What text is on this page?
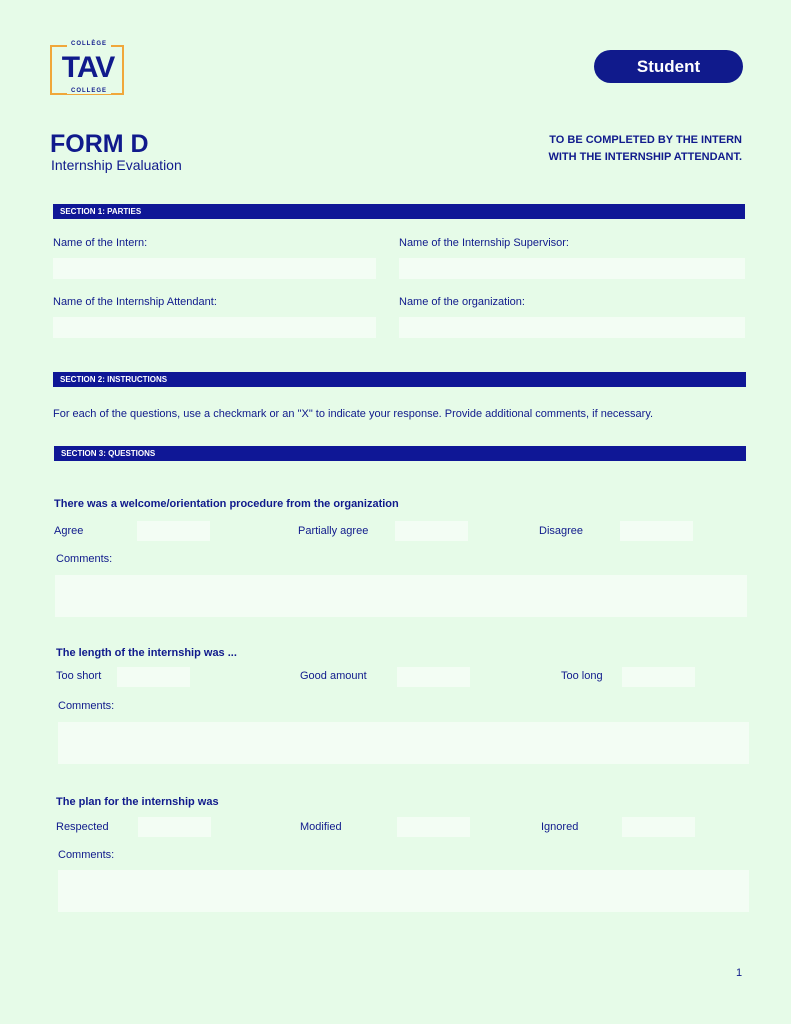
COLLÈGE
TAV
COLLEGE
Student
FORM D
Internship Evaluation
TO BE COMPLETED BY THE INTERN
WITH THE INTERNSHIP ATTENDANT.
SECTION 1: PARTIES
Name of the Intern:	Name of the Internship Supervisor:
Name of the Internship Attendant:	Name of the organization:
SECTION 2: INSTRUCTIONS
For each of the questions, use a checkmark or an "X" to indicate your response. Provide additional comments, if necessary.
SECTION 3: QUESTIONS
There was a welcome/orientation procedure from the organization
Agree	Partially agree	Disagree
Comments:
The length of the internship was ...
Too short	Good amount	Too long
Comments:
The plan for the internship was
Respected	Modified	Ignored
Comments:
1
